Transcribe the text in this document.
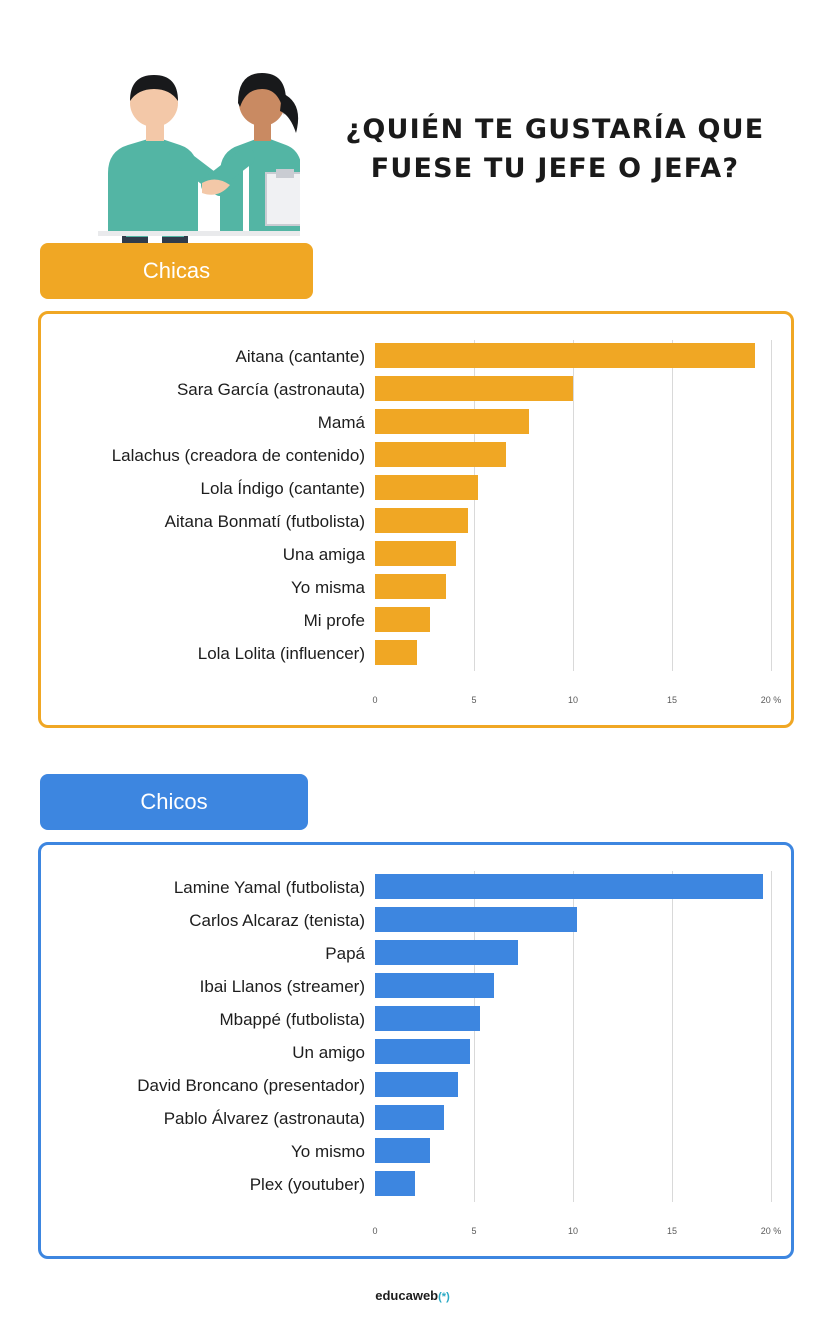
¿QUIÉN TE GUSTARÍA QUE FUESE TU JEFE O JEFA?
Chicas
Aitana (cantante)
Sara García (astronauta)
Mamá
Lalachus (creadora de contenido)
Lola Índigo (cantante)
Aitana Bonmatí (futbolista)
Una amiga
Yo misma
Mi profe
Lola Lolita (influencer)
0	5	10	15	20 %
Chicos
Lamine Yamal (futbolista)
Carlos Alcaraz (tenista)
Papá
Ibai Llanos (streamer)
Mbappé (futbolista)
Un amigo
David Broncano (presentador)
Pablo Álvarez (astronauta)
Yo mismo
Plex (youtuber)
0	5	10	15	20 %
educaweb(*)
